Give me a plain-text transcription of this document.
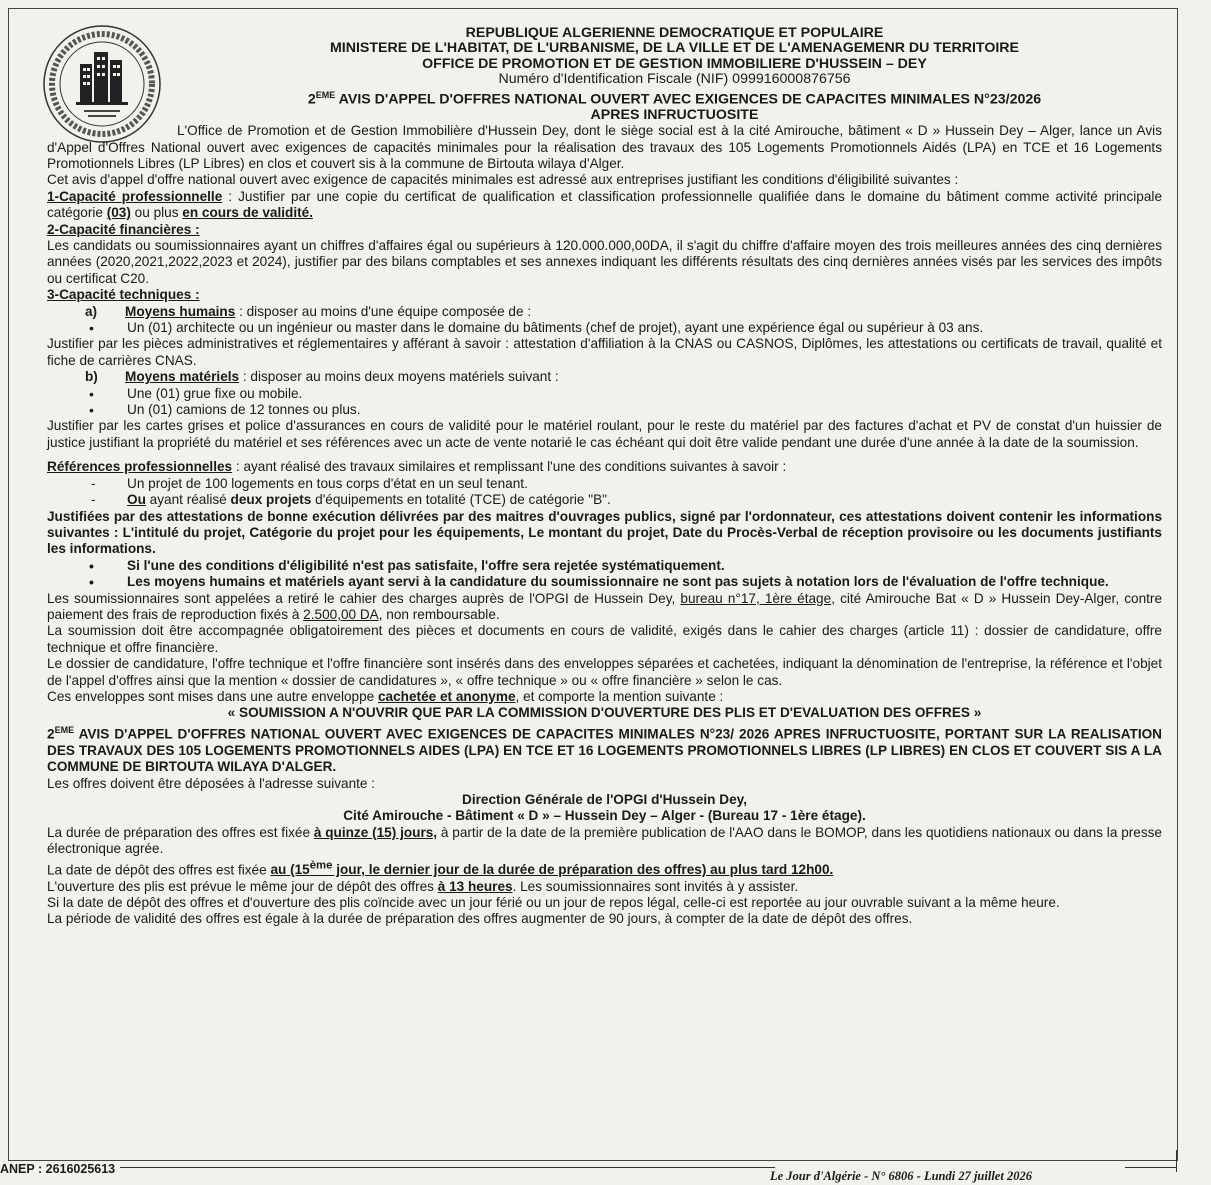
REPUBLIQUE ALGERIENNE DEMOCRATIQUE ET POPULAIRE
MINISTERE DE L'HABITAT, DE L'URBANISME, DE LA VILLE ET DE L'AMENAGEMENR DU TERRITOIRE
OFFICE DE PROMOTION ET DE GESTION IMMOBILIERE D'HUSSEIN – DEY
Numéro d'Identification Fiscale (NIF) 099916000876756
2EME AVIS D'APPEL D'OFFRES NATIONAL OUVERT AVEC EXIGENCES DE CAPACITES MINIMALES N°23/2026
APRES INFRUCTUOSITE

L'Office de Promotion et de Gestion Immobilière d'Hussein Dey, dont le siège social est à la cité Amirouche, bâtiment « D » Hussein Dey – Alger, lance un Avis d'Appel d'Offres National ouvert avec exigences de capacités minimales pour la réalisation des travaux des 105 Logements Promotionnels Aidés (LPA) en TCE et 16 Logements Promotionnels Libres (LP Libres) en clos et couvert sis à la commune de Birtouta wilaya d'Alger.

Cet avis d'appel d'offre national ouvert avec exigence de capacités minimales est adressé aux entreprises justifiant les conditions d'éligibilité suivantes :

1-Capacité professionnelle : Justifier par une copie du certificat de qualification et classification professionnelle qualifiée dans le domaine du bâtiment comme activité principale catégorie (03) ou plus en cours de validité.

2-Capacité financières :

Les candidats ou soumissionnaires ayant un chiffres d'affaires égal ou supérieurs à 120.000.000,00DA, il s'agit du chiffre d'affaire moyen des trois meilleures années des cinq dernières années (2020,2021,2022,2023 et 2024), justifier par des bilans comptables et ses annexes indiquant les différents résultats des cinq dernières années visés par les services des impôts ou certificat C20.

3-Capacité techniques :

a) Moyens humains : disposer au moins d'une équipe composée de :

• Un (01) architecte ou un ingénieur ou master dans le domaine du bâtiments (chef de projet), ayant une expérience égal ou supérieur à 03 ans.

Justifier par les pièces administratives et réglementaires y afférant à savoir : attestation d'affiliation à la CNAS ou CASNOS, Diplômes, les attestations ou certificats de travail, qualité et fiche de carrières CNAS.

b) Moyens matériels : disposer au moins deux moyens matériels suivant :

• Une (01) grue fixe ou mobile.

• Un (01) camions de 12 tonnes ou plus.

Justifier par les cartes grises et police d'assurances en cours de validité pour le matériel roulant, pour le reste du matériel par des factures d'achat et PV de constat d'un huissier de justice justifiant la propriété du matériel et ses références avec un acte de vente notarié le cas échéant qui doit être valide pendant une durée d'une année à la date de la soumission.

Références professionnelles : ayant réalisé des travaux similaires et remplissant l'une des conditions suivantes à savoir :

- Un projet de 100 logements en tous corps d'état en un seul tenant.

- Ou ayant réalisé deux projets d'équipements en totalité (TCE) de catégorie "B".

Justifiées par des attestations de bonne exécution délivrées par des maitres d'ouvrages publics, signé par l'ordonnateur, ces attestations doivent contenir les informations suivantes : L'intitulé du projet, Catégorie du projet pour les équipements, Le montant du projet, Date du Procès-Verbal de réception provisoire ou les documents justifiants les informations.

• Si l'une des conditions d'éligibilité n'est pas satisfaite, l'offre sera rejetée systématiquement.

• Les moyens humains et matériels ayant servi à la candidature du soumissionnaire ne sont pas sujets à notation lors de l'évaluation de l'offre technique.

Les soumissionnaires sont appelées a retiré le cahier des charges auprès de l'OPGI de Hussein Dey, bureau n°17, 1ère étage, cité Amirouche Bat « D » Hussein Dey-Alger, contre paiement des frais de reproduction fixés à 2.500,00 DA, non remboursable.

La soumission doit être accompagnée obligatoirement des pièces et documents en cours de validité, exigés dans le cahier des charges (article 11) : dossier de candidature, offre technique et offre financière.

Le dossier de candidature, l'offre technique et l'offre financière sont insérés dans des enveloppes séparées et cachetées, indiquant la dénomination de l'entreprise, la référence et l'objet de l'appel d'offres ainsi que la mention « dossier de candidatures », « offre technique » ou « offre financière » selon le cas.

Ces enveloppes sont mises dans une autre enveloppe cachetée et anonyme, et comporte la mention suivante :

« SOUMISSION A N'OUVRIR QUE PAR LA COMMISSION D'OUVERTURE DES PLIS ET D'EVALUATION DES OFFRES »

2EME AVIS D'APPEL D'OFFRES NATIONAL OUVERT AVEC EXIGENCES DE CAPACITES MINIMALES N°23/ 2026 APRES INFRUCTUOSITE, PORTANT SUR LA REALISATION DES TRAVAUX DES 105 LOGEMENTS PROMOTIONNELS AIDES (LPA) EN TCE ET 16 LOGEMENTS PROMOTIONNELS LIBRES (LP LIBRES) EN CLOS ET COUVERT SIS A LA COMMUNE DE BIRTOUTA WILAYA D'ALGER.

Les offres doivent être déposées à l'adresse suivante :

Direction Générale de l'OPGI d'Hussein Dey,

Cité Amirouche - Bâtiment « D » – Hussein Dey – Alger - (Bureau 17 - 1ère étage).

La durée de préparation des offres est fixée à quinze (15) jours, à partir de la date de la première publication de l'AAO dans le BOMOP, dans les quotidiens nationaux ou dans la presse électronique agrée.

La date de dépôt des offres est fixée au (15ème jour, le dernier jour de la durée de préparation des offres) au plus tard 12h00.

L'ouverture des plis est prévue le même jour de dépôt des offres à 13 heures. Les soumissionnaires sont invités à y assister.

Si la date de dépôt des offres et d'ouverture des plis coïncide avec un jour férié ou un jour de repos légal, celle-ci est reportée au jour ouvrable suivant a la même heure.

La période de validité des offres est égale à la durée de préparation des offres augmenter de 90 jours, à compter de la date de dépôt des offres.

ANEP : 2616025613	Le Jour d'Algérie - N° 6806 - Lundi 27 juillet 2026
